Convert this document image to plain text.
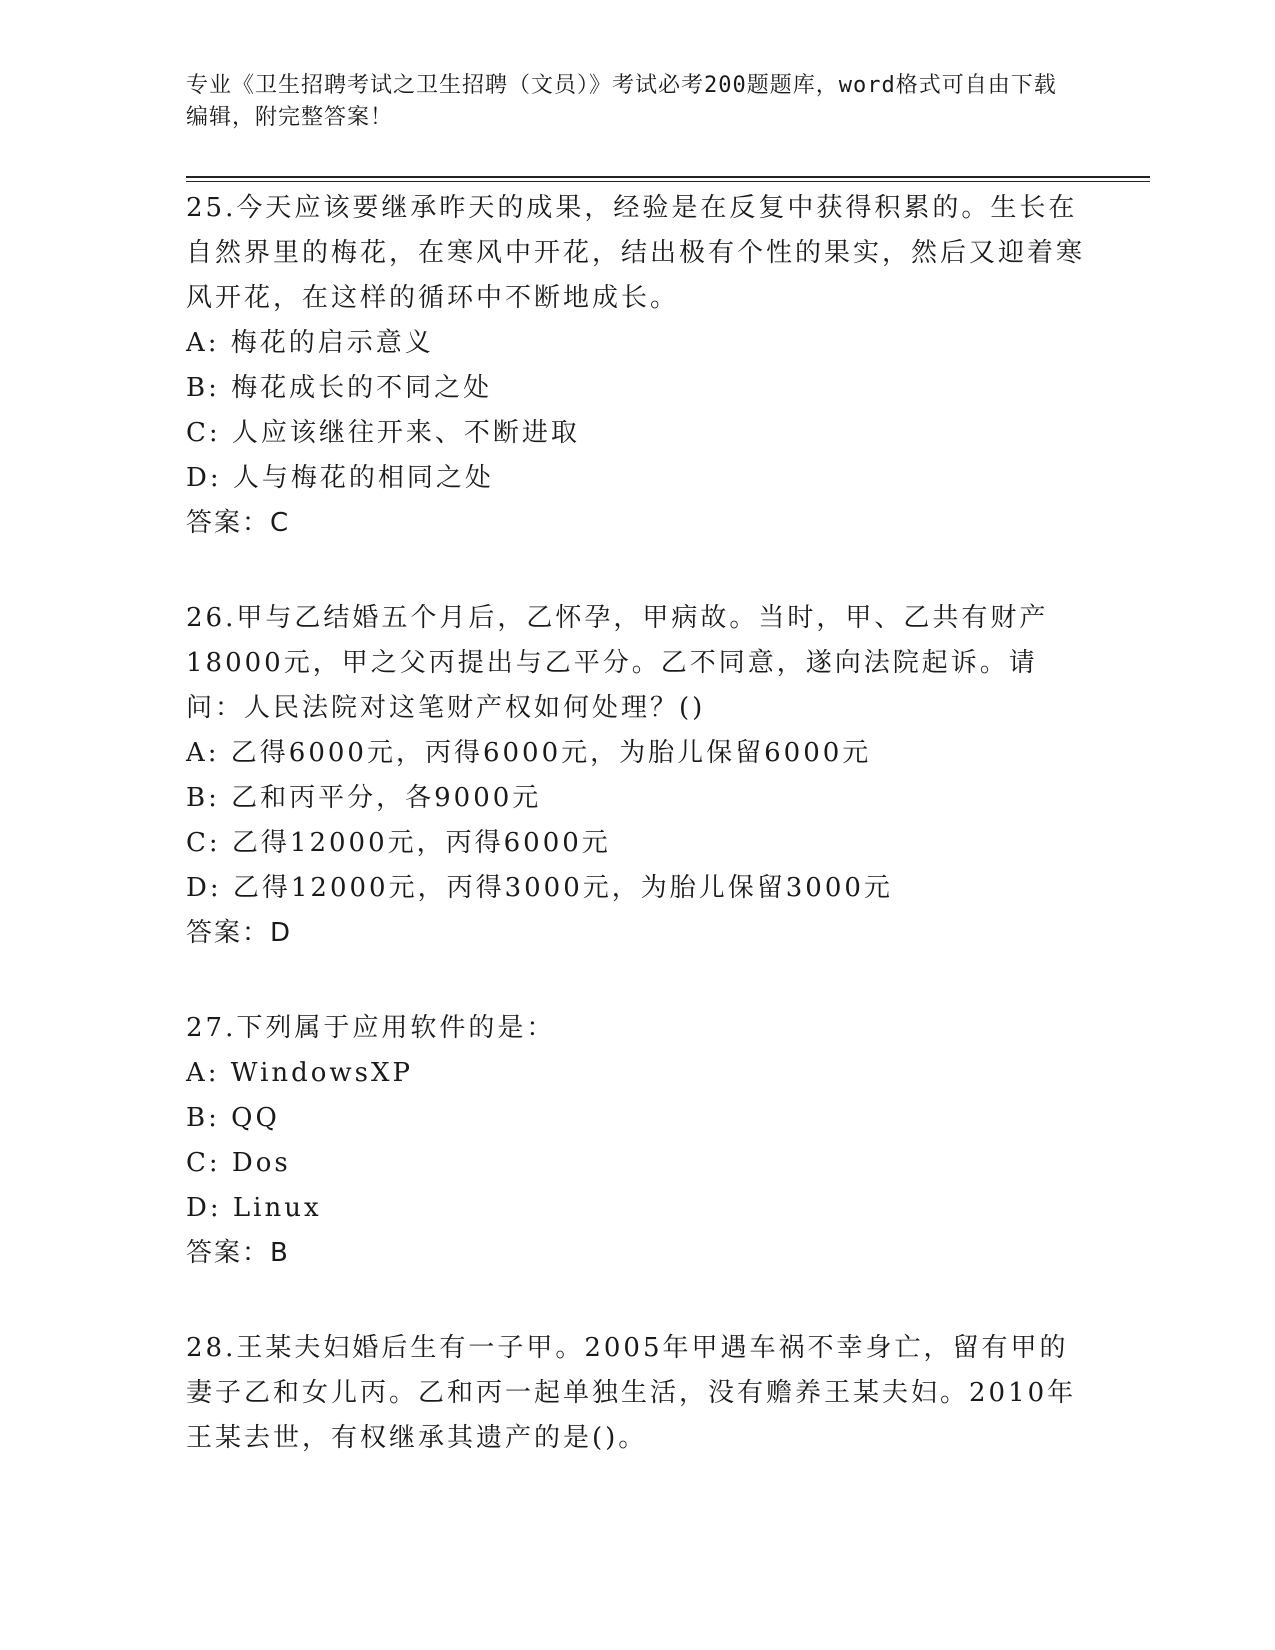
专业《卫生招聘考试之卫生招聘（文员）》考试必考200题题库，word格式可自由下载编辑，附完整答案！

25.今天应该要继承昨天的成果，经验是在反复中获得积累的。生长在自然界里的梅花，在寒风中开花，结出极有个性的果实，然后又迎着寒风开花，在这样的循环中不断地成长。

A: 梅花的启示意义

B: 梅花成长的不同之处

C: 人应该继往开来、不断进取

D: 人与梅花的相同之处

答案：C

26.甲与乙结婚五个月后，乙怀孕，甲病故。当时，甲、乙共有财产18000元，甲之父丙提出与乙平分。乙不同意，遂向法院起诉。请问：人民法院对这笔财产权如何处理？()

A: 乙得6000元，丙得6000元，为胎儿保留6000元

B: 乙和丙平分，各9000元

C: 乙得12000元，丙得6000元

D: 乙得12000元，丙得3000元，为胎儿保留3000元

答案：D

27.下列属于应用软件的是：

A: WindowsXP

B: QQ

C: Dos

D: Linux

答案：B

28.王某夫妇婚后生有一子甲。2005年甲遇车祸不幸身亡，留有甲的妻子乙和女儿丙。乙和丙一起单独生活，没有赡养王某夫妇。2010年王某去世，有权继承其遗产的是()。
